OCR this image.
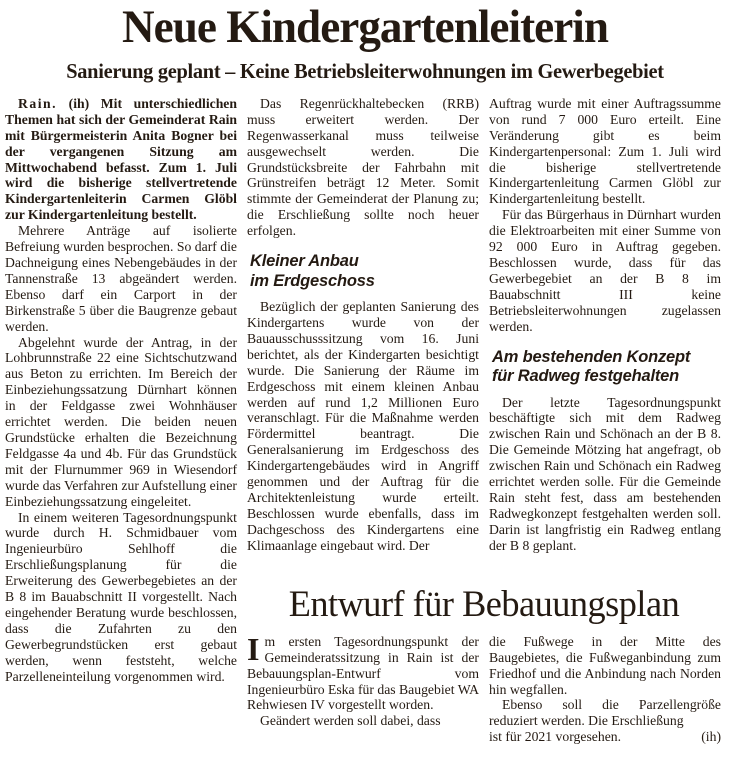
Neue Kindergartenleiterin
Sanierung geplant – Keine Betriebsleiterwohnungen im Gewerbegebiet

Rain. (ih) Mit unterschiedlichen Themen hat sich der Gemeinderat Rain mit Bürgermeisterin Anita Bogner bei der vergangenen Sitzung am Mittwochabend befasst. Zum 1. Juli wird die bisherige stellvertretende Kindergartenleiterin Carmen Glöbl zur Kindergartenleitung bestellt.

Mehrere Anträge auf isolierte Befreiung wurden besprochen. So darf die Dachneigung eines Nebengebäudes in der Tannenstraße 13 abgeändert werden. Ebenso darf ein Carport in der Birkenstraße 5 über die Baugrenze gebaut werden.

Abgelehnt wurde der Antrag, in der Lohbrunnstraße 22 eine Sichtschutzwand aus Beton zu errichten. Im Bereich der Einbeziehungssatzung Dürnhart können in der Feldgasse zwei Wohnhäuser errichtet werden. Die beiden neuen Grundstücke erhalten die Bezeichnung Feldgasse 4a und 4b. Für das Grundstück mit der Flurnummer 969 in Wiesendorf wurde das Verfahren zur Aufstellung einer Einbeziehungssatzung eingeleitet.

In einem weiteren Tagesordnungspunkt wurde durch H. Schmidbauer vom Ingenieurbüro Sehlhoff die Erschließungsplanung für die Erweiterung des Gewerbegebietes an der B 8 im Bauabschnitt II vorgestellt. Nach eingehender Beratung wurde beschlossen, dass die Zufahrten zu den Gewerbegrundstücken erst gebaut werden, wenn feststeht, welche Parzelleneinteilung vorgenommen wird.

Das Regenrückhaltebecken (RRB) muss erweitert werden. Der Regenwasserkanal muss teilweise ausgewechselt werden. Die Grundstücksbreite der Fahrbahn mit Grünstreifen beträgt 12 Meter. Somit stimmte der Gemeinderat der Planung zu; die Erschließung sollte noch heuer erfolgen.

Kleiner Anbau
im Erdgeschoss

Bezüglich der geplanten Sanierung des Kindergartens wurde von der Bauausschusssitzung vom 16. Juni berichtet, als der Kindergarten besichtigt wurde. Die Sanierung der Räume im Erdgeschoss mit einem kleinen Anbau werden auf rund 1,2 Millionen Euro veranschlagt. Für die Maßnahme werden Fördermittel beantragt. Die Generalsanierung im Erdgeschoss des Kindergartengebäudes wird in Angriff genommen und der Auftrag für die Architektenleistung wurde erteilt. Beschlossen wurde ebenfalls, dass im Dachgeschoss des Kindergartens eine Klimaanlage eingebaut wird. Der

Auftrag wurde mit einer Auftragssumme von rund 7 000 Euro erteilt. Eine Veränderung gibt es beim Kindergartenpersonal: Zum 1. Juli wird die bisherige stellvertretende Kindergartenleitung Carmen Glöbl zur Kindergartenleitung bestellt.

Für das Bürgerhaus in Dürnhart wurden die Elektroarbeiten mit einer Summe von 92 000 Euro in Auftrag gegeben. Beschlossen wurde, dass für das Gewerbegebiet an der B 8 im Bauabschnitt III keine Betriebsleiterwohnungen zugelassen werden.

Am bestehenden Konzept
für Radweg festgehalten

Der letzte Tagesordnungspunkt beschäftigte sich mit dem Radweg zwischen Rain und Schönach an der B 8. Die Gemeinde Mötzing hat angefragt, ob zwischen Rain und Schönach ein Radweg errichtet werden solle. Für die Gemeinde Rain steht fest, dass am bestehenden Radwegkonzept festgehalten werden soll. Darin ist langfristig ein Radweg entlang der B 8 geplant.

Entwurf für Bebauungsplan

Im ersten Tagesordnungspunkt der Gemeinderatssitzung in Rain ist der Bebauungsplan-Entwurf vom Ingenieurbüro Eska für das Baugebiet WA Rehwiesen IV vorgestellt worden.

Geändert werden soll dabei, dass

die Fußwege in der Mitte des Baugebietes, die Fußweganbindung zum Friedhof und die Anbindung nach Norden hin wegfallen.

Ebenso soll die Parzellengröße reduziert werden. Die Erschließung

ist für 2021 vorgesehen.	(ih)
